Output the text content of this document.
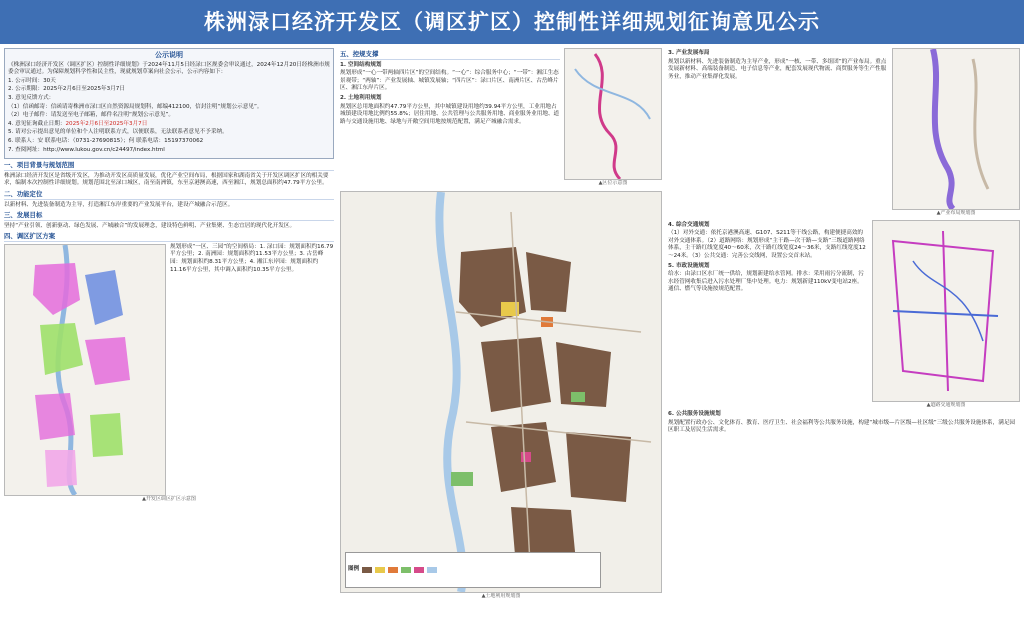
株洲渌口经济开发区（调区扩区）控制性详细规划征询意见公示
公示说明

《株洲渌口经济开发区（调区扩区）控制性详细规划》于2024年11月5日经渌口区规委会审议通过，2024年12月20日经株洲市规委会审议通过。为保障规划科学性和民主性，现就规划草案向社会公示，公示内容如下：

1. 公示时间：30天

2. 公示期限：2025年2月6日至2025年3月7日

3. 意见反馈方式：

（1）信函邮寄：信函请寄株洲市渌口区自然资源局规划科，邮编412100，信封注明“规划公示意见”。

（2）电子邮件：请发送至电子邮箱，邮件名注明“规划公示意见”。

4. 意见征询截止日期：2025年2月6日至2025年3月7日

5. 请对公示提出意见的单位和个人注明联系方式，以便联系，无法联系者意见不予采纳。

6. 联系人：安 联系电话：（0731-27690815）；何 联系电话：15197370062

7. 查阅网址：http://www.lukou.gov.cn/c24497/index.html

一、项目背景与规划范围

株洲渌口经济开发区是省级开发区，为推动开发区高质量发展，优化产业空间布局，根据国家和湖南省关于开发区调区扩区的相关要求，编制本次控制性详细规划。规划范围北至渌口城区，南至南洲镇，东至京港澳高速，西至湘江，规划总面积约47.79平方公里。

二、功能定位

以新材料、先进装备制造为主导，打造湘江东岸重要的产业发展平台，建设产城融合示范区。

三、发展目标

坚持“产业引领、创新驱动、绿色发展、产城融合”的发展理念，建设特色鲜明、产业集聚、生态宜居的现代化开发区。

四、调区扩区方案

规划形成“一区、三园”的空间格局：1. 渌口园：规划面积约16.79平方公里；2. 南洲园：规划面积约11.53平方公里；3. 古岳峰园：规划面积约8.31平方公里；4. 湘江东岸园：规划面积约11.16平方公里，其中调入面积约10.35平方公里。

▲开发区调区扩区示意图
五、控规支撑
1. 空间结构规划

规划形成“一心一带两轴四片区”的空间结构。“一心”：综合服务中心；“一带”：湘江生态景观带；“两轴”：产业发展轴、城镇发展轴；“四片区”：渌口片区、南洲片区、古岳峰片区、湘江东岸片区。

2. 土地利用规划

规划区总用地面积约47.79平方公里，其中城镇建设用地约39.94平方公里，工业用地占城镇建设用地比例约55.8%；居住用地、公共管理与公共服务用地、商业服务业用地、道路与交通设施用地、绿地与开敞空间用地按规范配置，满足产城融合需求。

▲区位示意图
图例
▲土地利用规划图
3. 产业发展布局

规划以新材料、先进装备制造为主导产业，形成“一核、一带、多组团”的产业布局。重点发展新材料、高端装备制造、电子信息等产业，配套发展现代物流、商贸服务等生产性服务业，推动产业集群化发展。

▲产业布局规划图
4. 综合交通规划

（1）对外交通：依托京港澳高速、G107、S211等干线公路，构建便捷高效的对外交通体系。（2）道路网络：规划形成“主干路—次干路—支路”三级道路网络体系，主干路红线宽度40～60米，次干路红线宽度24～36米，支路红线宽度12～24米。（3）公共交通：完善公交线网，设置公交首末站。

5. 市政设施规划

给水：由渌口区水厂统一供给，规划新建给水管网。排水：采用雨污分流制，污水经管网收集后进入污水处理厂集中处理。电力：规划新建110kV变电站2座。通信、燃气等设施按规范配置。

▲道路交通规划图
6. 公共服务设施规划

规划配置行政办公、文化体育、教育、医疗卫生、社会福利等公共服务设施，构建“城市级—片区级—社区级”三级公共服务设施体系，满足园区职工及居民生活需求。
